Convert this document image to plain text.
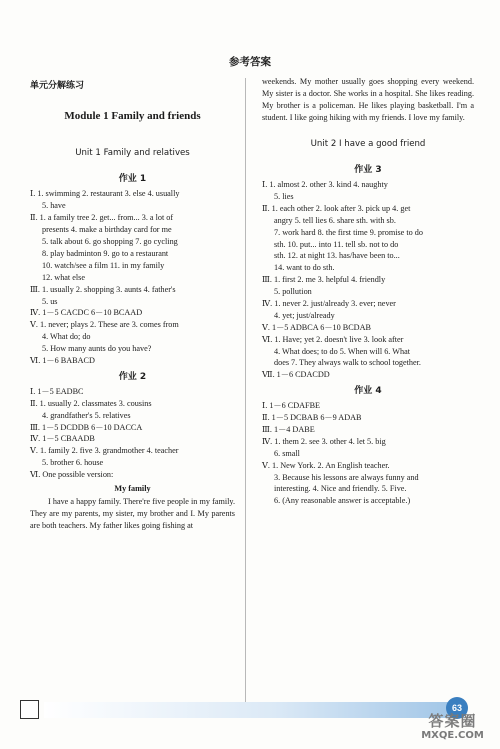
参考答案
单元分解练习
Module 1 Family and friends
Unit 1 Family and relatives
作业 1
Ⅰ. 1. swimming 2. restaurant 3. else 4. usually
5. have
Ⅱ. 1. a family tree 2. get... from... 3. a lot of
presents 4. make a birthday card for me
5. talk about 6. go shopping 7. go cycling
8. play badminton 9. go to a restaurant
10. watch/see a film 11. in my family
12. what else
Ⅲ. 1. usually 2. shopping 3. aunts 4. father's
5. us
Ⅳ. 1－5 CACDC 6－10 BCAAD
Ⅴ. 1. never; plays 2. These are 3. comes from
4. What do; do
5. How many aunts do you have?
Ⅵ. 1－6 BABACD
作业 2
Ⅰ. 1－5 EADBC
Ⅱ. 1. usually 2. classmates 3. cousins
4. grandfather's 5. relatives
Ⅲ. 1－5 DCDDB 6－10 DACCA
Ⅳ. 1－5 CBAADB
Ⅴ. 1. family 2. five 3. grandmother 4. teacher
5. brother 6. house
Ⅵ. One possible version:
My family
I have a happy family. There're five people in my family. They are my parents, my sister, my brother and I. My parents are both teachers. My father likes going fishing at
weekends. My mother usually goes shopping every weekend. My sister is a doctor. She works in a hospital. She likes reading. My brother is a policeman. He likes playing basketball. I'm a student. I like going hiking with my friends. I love my family.
Unit 2 I have a good friend
作业 3
Ⅰ. 1. almost 2. other 3. kind 4. naughty
5. lies
Ⅱ. 1. each other 2. look after 3. pick up 4. get
angry 5. tell lies 6. share sth. with sb.
7. work hard 8. the first time 9. promise to do
sth. 10. put... into 11. tell sb. not to do
sth. 12. at night 13. has/have been to...
14. want to do sth.
Ⅲ. 1. first 2. me 3. helpful 4. friendly
5. pollution
Ⅳ. 1. never 2. just/already 3. ever; never
4. yet; just/already
Ⅴ. 1－5 ADBCA 6－10 BCDAB
Ⅵ. 1. Have; yet 2. doesn't live 3. look after
4. What does; to do 5. When will 6. What
does 7. They always walk to school together.
Ⅶ. 1－6 CDACDD
作业 4
Ⅰ. 1－6 CDAFBE
Ⅱ. 1－5 DCBAB 6－9 ADAB
Ⅲ. 1－4 DABE
Ⅳ. 1. them 2. see 3. other 4. let 5. big
6. small
Ⅴ. 1. New York. 2. An English teacher.
3. Because his lessons are always funny and
interesting. 4. Nice and friendly. 5. Five.
6. (Any reasonable answer is acceptable.)
63
答案圈
MXQE.COM
